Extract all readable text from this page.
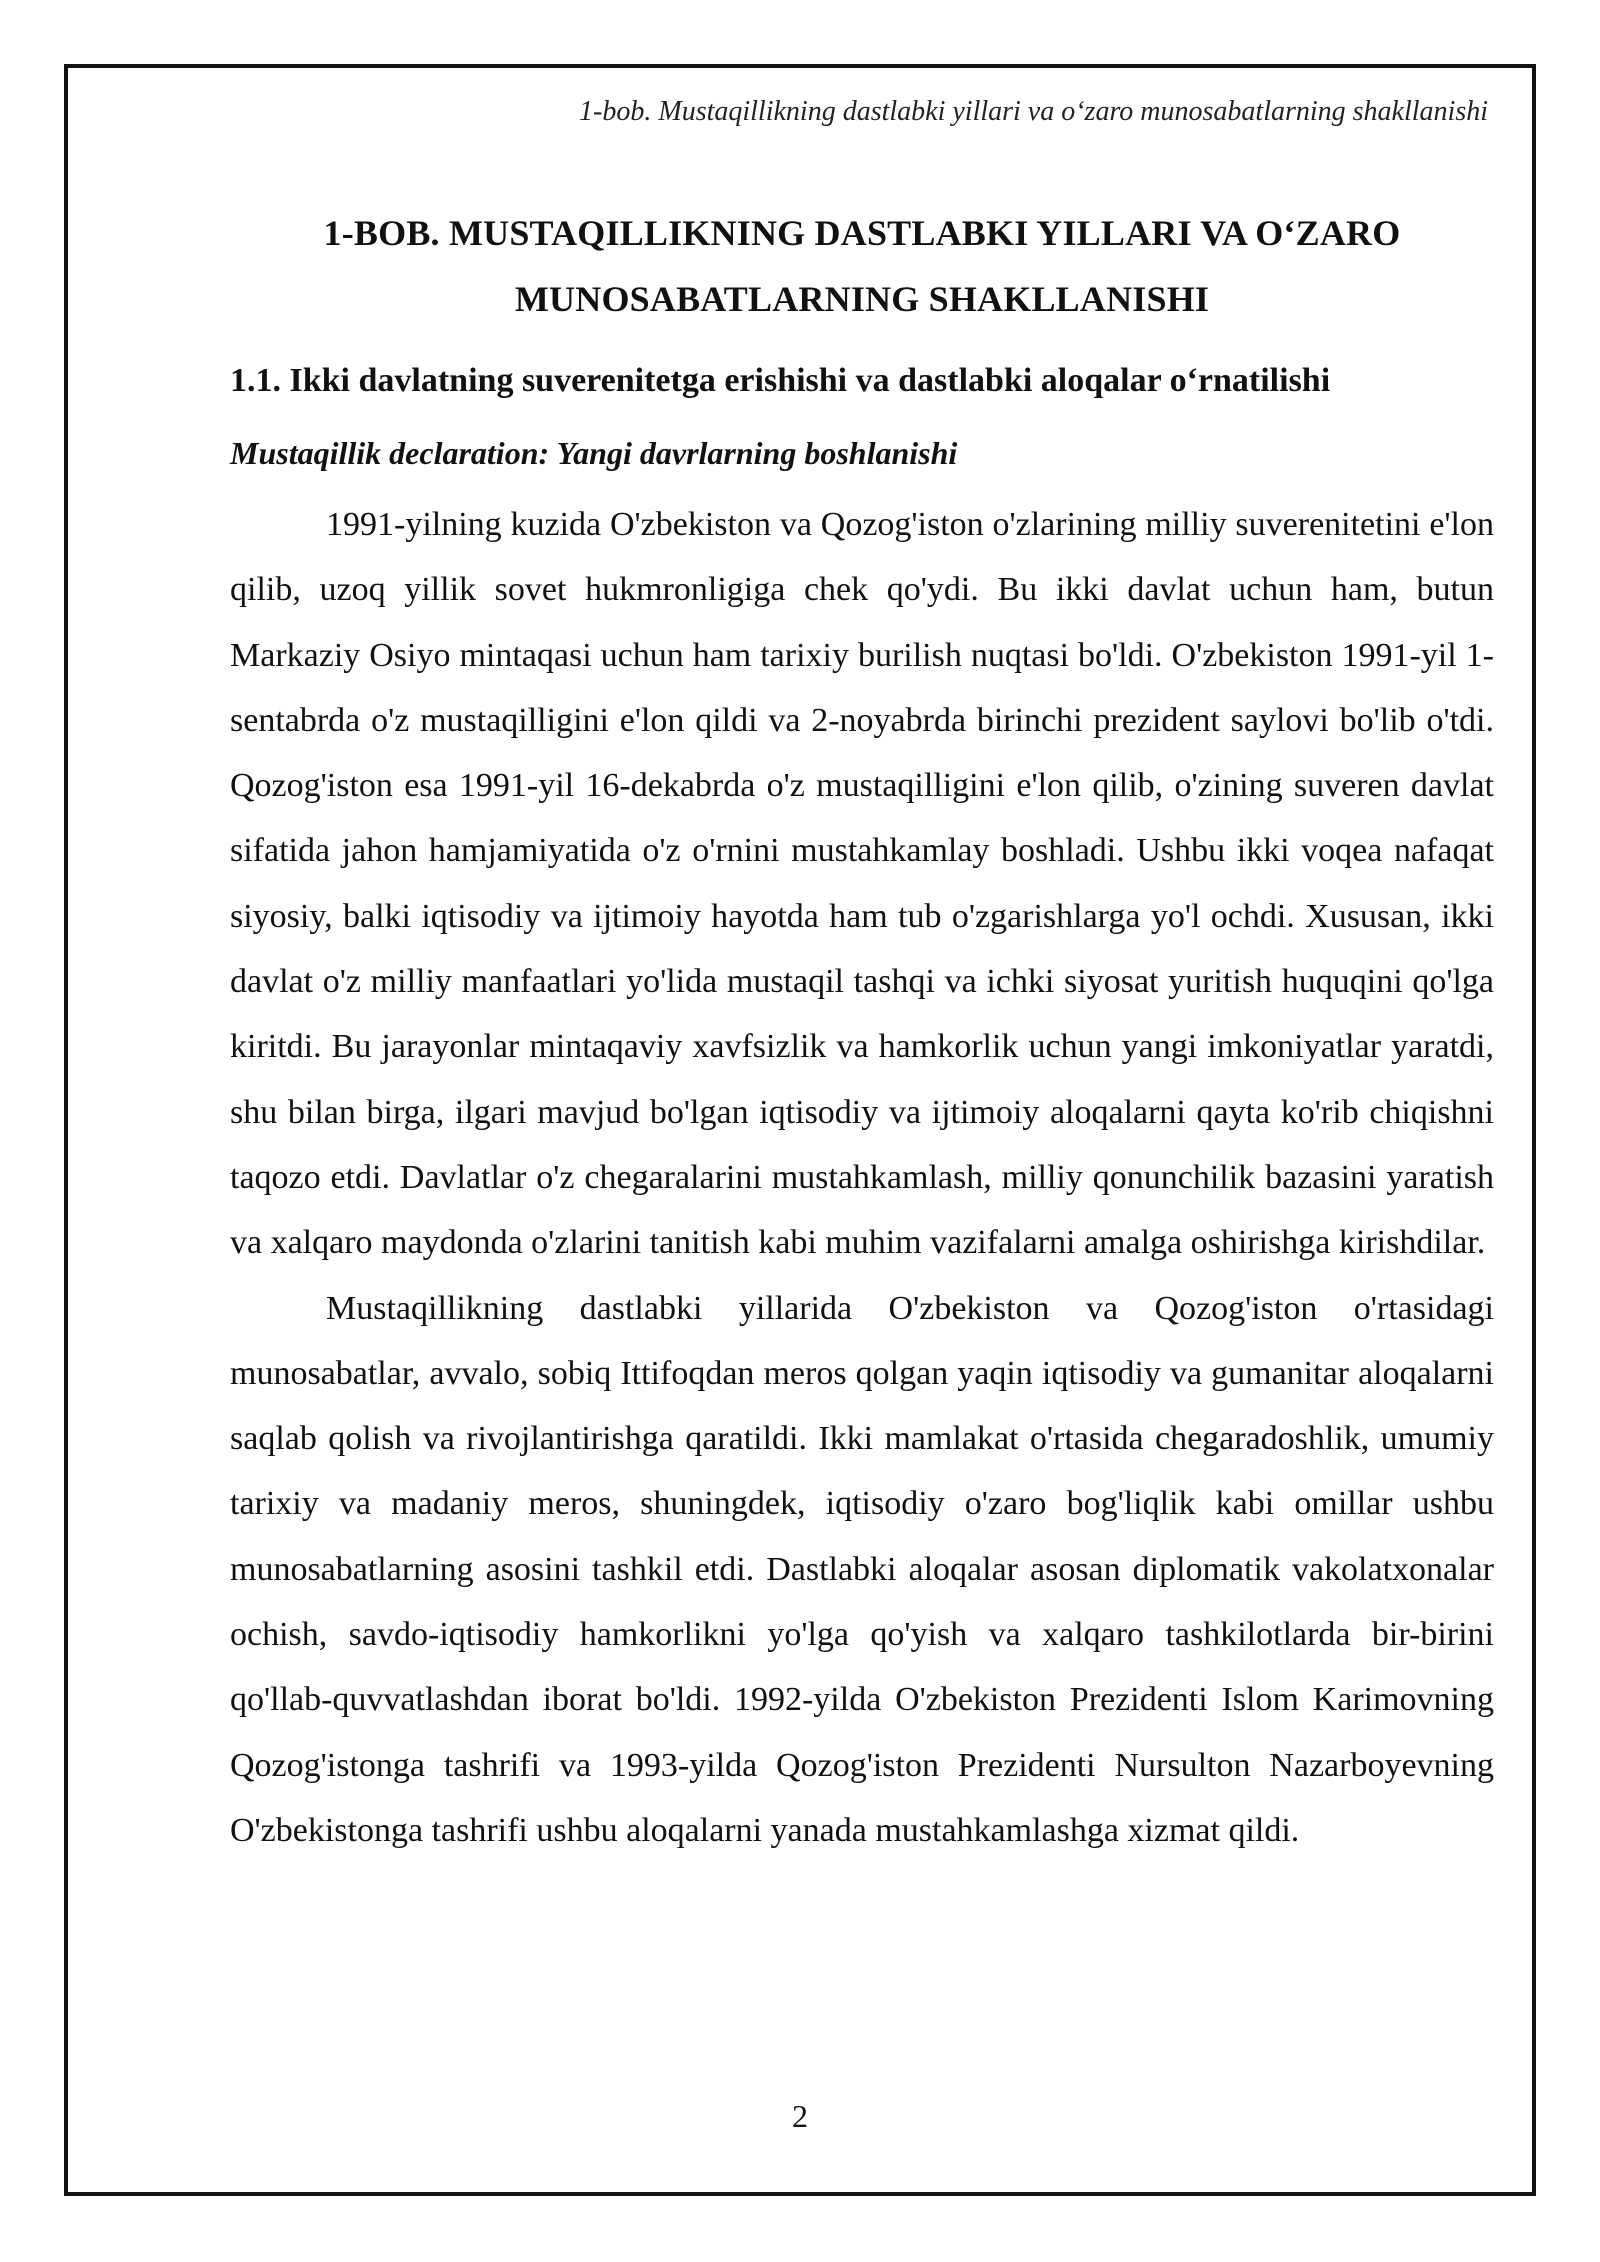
1-bob. Mustaqillikning dastlabki yillari va o‘zaro munosabatlarning shakllanishi
1-BOB. MUSTAQILLIKNING DASTLABKI YILLARI VA O‘ZARO
MUNOSABATLARNING SHAKLLANISHI
1.1. Ikki davlatning suverenitetga erishishi va dastlabki aloqalar o‘rnatilishi
Mustaqillik declaration: Yangi davrlarning boshlanishi

1991-yilning kuzida O'zbekiston va Qozog'iston o'zlarining milliy suverenitetini e'lon qilib, uzoq yillik sovet hukmronligiga chek qo'ydi. Bu ikki davlat uchun ham, butun Markaziy Osiyo mintaqasi uchun ham tarixiy burilish nuqtasi bo'ldi. O'zbekiston 1991-yil 1-sentabrda o'z mustaqilligini e'lon qildi va 2-noyabrda birinchi prezident saylovi bo'lib o'tdi. Qozog'iston esa 1991-yil 16-dekabrda o'z mustaqilligini e'lon qilib, o'zining suveren davlat sifatida jahon hamjamiyatida o'z o'rnini mustahkamlay boshladi. Ushbu ikki voqea nafaqat siyosiy, balki iqtisodiy va ijtimoiy hayotda ham tub o'zgarishlarga yo'l ochdi. Xususan, ikki davlat o'z milliy manfaatlari yo'lida mustaqil tashqi va ichki siyosat yuritish huquqini qo'lga kiritdi. Bu jarayonlar mintaqaviy xavfsizlik va hamkorlik uchun yangi imkoniyatlar yaratdi, shu bilan birga, ilgari mavjud bo'lgan iqtisodiy va ijtimoiy aloqalarni qayta ko'rib chiqishni taqozo etdi. Davlatlar o'z chegaralarini mustahkamlash, milliy qonunchilik bazasini yaratish va xalqaro maydonda o'zlarini tanitish kabi muhim vazifalarni amalga oshirishga kirishdilar.

Mustaqillikning dastlabki yillarida O'zbekiston va Qozog'iston o'rtasidagi munosabatlar, avvalo, sobiq Ittifoqdan meros qolgan yaqin iqtisodiy va gumanitar aloqalarni saqlab qolish va rivojlantirishga qaratildi. Ikki mamlakat o'rtasida chegaradoshlik, umumiy tarixiy va madaniy meros, shuningdek, iqtisodiy o'zaro bog'liqlik kabi omillar ushbu munosabatlarning asosini tashkil etdi. Dastlabki aloqalar asosan diplomatik vakolatxonalar ochish, savdo-iqtisodiy hamkorlikni yo'lga qo'yish va xalqaro tashkilotlarda bir-birini qo'llab-quvvatlashdan iborat bo'ldi. 1992-yilda O'zbekiston Prezidenti Islom Karimovning Qozog'istonga tashrifi va 1993-yilda Qozog'iston Prezidenti Nursulton Nazarboyevning O'zbekistonga tashrifi ushbu aloqalarni yanada mustahkamlashga xizmat qildi.

2
